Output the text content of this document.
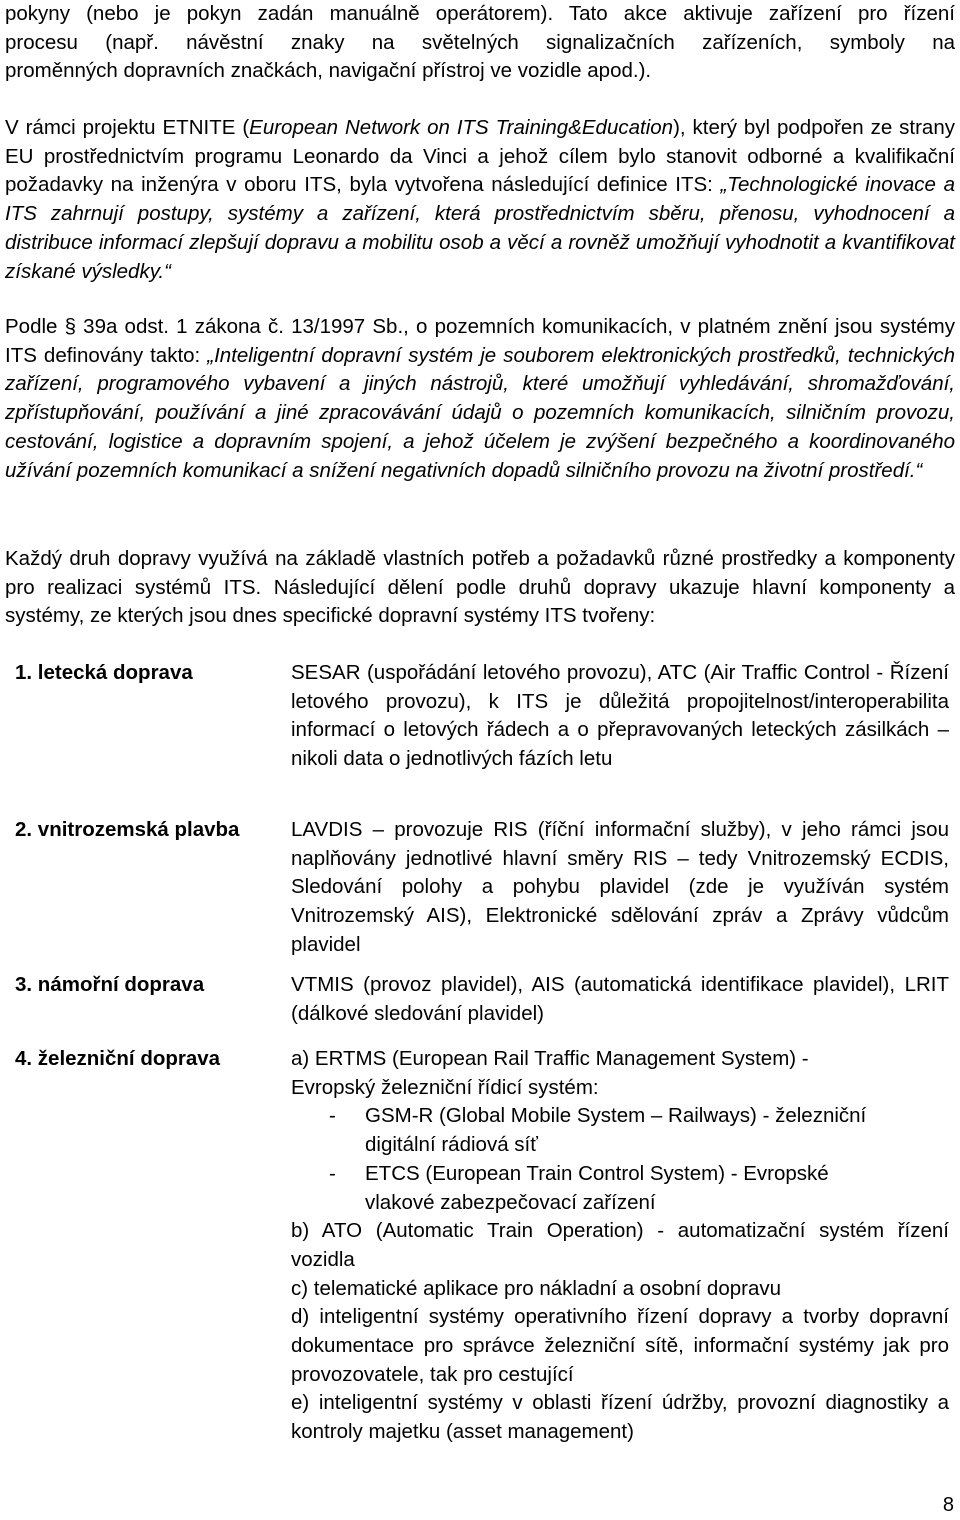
pokyny (nebo je pokyn zadán manuálně operátorem). Tato akce aktivuje zařízení pro řízení
procesu (např. návěstní znaky na světelných signalizačních zařízeních, symboly na
proměnných dopravních značkách, navigační přístroj ve vozidle apod.).

V rámci projektu ETNITE (European Network on ITS Training&Education), který byl podpořen ze strany EU prostřednictvím programu Leonardo da Vinci a jehož cílem bylo stanovit odborné a kvalifikační požadavky na inženýra v oboru ITS, byla vytvořena následující definice ITS: „Technologické inovace a ITS zahrnují postupy, systémy a zařízení, která prostřednictvím sběru, přenosu, vyhodnocení a distribuce informací zlepšují dopravu a mobilitu osob a věcí a rovněž umožňují vyhodnotit a kvantifikovat získané výsledky.“

Podle § 39a odst. 1 zákona č. 13/1997 Sb., o pozemních komunikacích, v platném znění jsou systémy ITS definovány takto: „Inteligentní dopravní systém je souborem elektronických prostředků, technických zařízení, programového vybavení a jiných nástrojů, které umožňují vyhledávání, shromažďování, zpřístupňování, používání a jiné zpracovávání údajů o pozemních komunikacích, silničním provozu, cestování, logistice a dopravním spojení, a jehož účelem je zvýšení bezpečného a koordinovaného užívání pozemních komunikací a snížení negativních dopadů silničního provozu na životní prostředí.“

Každý druh dopravy využívá na základě vlastních potřeb a požadavků různé prostředky a komponenty pro realizaci systémů ITS. Následující dělení podle druhů dopravy ukazuje hlavní komponenty a systémy, ze kterých jsou dnes specifické dopravní systémy ITS tvořeny:

1. letecká doprava	SESAR (uspořádání letového provozu), ATC (Air Traffic Control - Řízení letového provozu), k ITS je důležitá propojitelnost/interoperabilita informací o letových řádech a o přepravovaných leteckých zásilkách – nikoli data o jednotlivých fázích letu
2. vnitrozemská plavba	LAVDIS – provozuje RIS (říční informační služby), v jeho rámci jsou naplňovány jednotlivé hlavní směry RIS – tedy Vnitrozemský ECDIS, Sledování polohy a pohybu plavidel (zde je využíván systém Vnitrozemský AIS), Elektronické sdělování zpráv a Zprávy vůdcům plavidel
3. námořní doprava	VTMIS (provoz plavidel), AIS (automatická identifikace plavidel), LRIT (dálkové sledování plavidel)
4. železniční doprava	a) ERTMS (European Rail Traffic Management System) -
Evropský železniční řídicí systém:
- GSM-R (Global Mobile System – Railways) - železniční
digitální rádiová síť
- ETCS (European Train Control System) - Evropské
vlakové zabezpečovací zařízení
b) ATO (Automatic Train Operation) - automatizační systém řízení vozidla
c) telematické aplikace pro nákladní a osobní dopravu
d) inteligentní systémy operativního řízení dopravy a tvorby dopravní dokumentace pro správce železniční sítě, informační systémy jak pro provozovatele, tak pro cestující
e) inteligentní systémy v oblasti řízení údržby, provozní diagnostiky a kontroly majetku (asset management)
8
